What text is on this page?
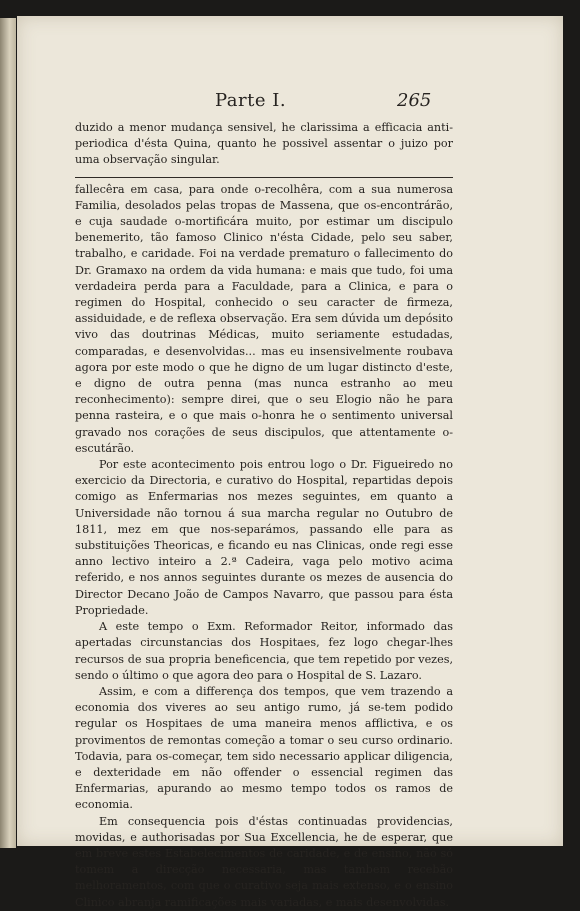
Parte I.	265

duzido a menor mudança sensivel, he clarissima a efficacia anti-periodica d'ésta Quina, quanto he possivel assentar o juizo por uma observação singular.

fallecêra em casa, para onde o-recolhêra, com a sua numerosa Familia, desolados pelas tropas de Massena, que os-encontrárão, e cuja saudade o-mortificára muito, por estimar um discipulo benemerito, tão famoso Clinico n'ésta Cidade, pelo seu saber, trabalho, e caridade. Foi na verdade prematuro o fallecimento do Dr. Gramaxo na ordem da vida humana: e mais que tudo, foi uma verdadeira perda para a Faculdade, para a Clinica, e para o regimen do Hospital, conhecido o seu caracter de firmeza, assiduidade, e de reflexa observação. Era sem dúvida um depósito vivo das doutrinas Médicas, muito seriamente estudadas, comparadas, e desenvolvidas... mas eu insensivelmente roubava agora por este modo o que he digno de um lugar distincto d'este, e digno de outra penna (mas nunca estranho ao meu reconhecimento): sempre direi, que o seu Elogio não he para penna rasteira, e o que mais o-honra he o sentimento universal gravado nos corações de seus discipulos, que attentamente o-escutárão.

Por este acontecimento pois entrou logo o Dr. Figueiredo no exercicio da Directoria, e curativo do Hospital, repartidas depois comigo as Enfermarias nos mezes seguintes, em quanto a Universidade não tornou á sua marcha regular no Outubro de 1811, mez em que nos-separámos, passando elle para as substituições Theoricas, e ficando eu nas Clinicas, onde regi esse anno lectivo inteiro a 2.ª Cadeira, vaga pelo motivo acima referido, e nos annos seguintes durante os mezes de ausencia do Director Decano João de Campos Navarro, que passou para ésta Propriedade.

A este tempo o Exm. Reformador Reitor, informado das apertadas circunstancias dos Hospitaes, fez logo chegar-lhes recursos de sua propria beneficencia, que tem repetido por vezes, sendo o último o que agora deo para o Hospital de S. Lazaro.

Assim, e com a differença dos tempos, que vem trazendo a economia dos viveres ao seu antigo rumo, já se-tem podido regular os Hospitaes de uma maneira menos afflictiva, e os provimentos de remontas começão a tomar o seu curso ordinario. Todavia, para os-começar, tem sido necessario applicar diligencia, e dexteridade em não offender o essencial regimen das Enfermarias, apurando ao mesmo tempo todos os ramos de economia.

Em consequencia pois d'éstas continuadas providencias, movidas, e authorisadas por Sua Excellencia, he de esperar, que em breve estes Estabelecimentos de caridade, e de ensino, não só tomem a direcção necessaria, mas tambem recebão melhoramentos, com que o curativo seja mais extenso, e o ensino Clinico abranja ramificações mais variadas, e mais desenvolvidas.
